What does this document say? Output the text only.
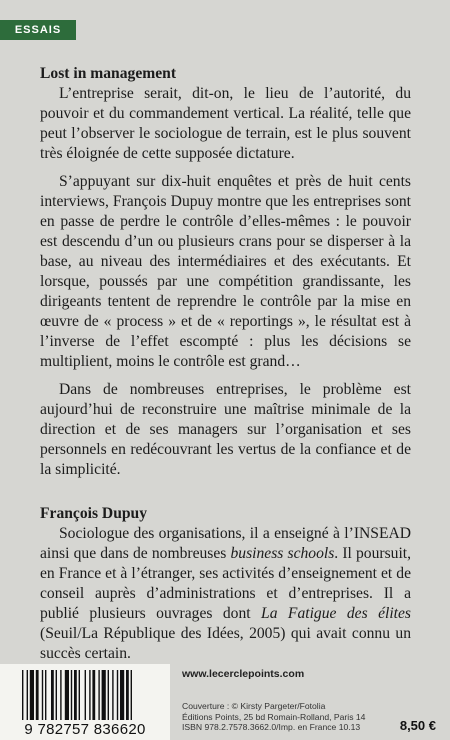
ESSAIS

Lost in management

L’entreprise serait, dit-on, le lieu de l’autorité, du pouvoir et du commandement vertical. La réalité, telle que peut l’observer le sociologue de terrain, est le plus souvent très éloignée de cette supposée dictature.

S’appuyant sur dix-huit enquêtes et près de huit cents interviews, François Dupuy montre que les entreprises sont en passe de perdre le contrôle d’elles-mêmes : le pouvoir est descendu d’un ou plusieurs crans pour se disperser à la base, au niveau des intermédiaires et des exécutants. Et lorsque, poussés par une compétition grandissante, les dirigeants tentent de reprendre le contrôle par la mise en œuvre de « process » et de « reportings », le résultat est à l’inverse de l’effet escompté : plus les décisions se multiplient, moins le contrôle est grand…

Dans de nombreuses entreprises, le problème est aujourd’hui de reconstruire une maîtrise minimale de la direction et de ses managers sur l’organisation et ses personnels en redécouvrant les vertus de la confiance et de la simplicité.

François Dupuy

Sociologue des organisations, il a enseigné à l’INSEAD ainsi que dans de nombreuses business schools. Il poursuit, en France et à l’étranger, ses activités d’enseignement et de conseil auprès d’administrations et d’entreprises. Il a publié plusieurs ouvrages dont La Fatigue des élites (Seuil/La République des Idées, 2005) qui avait connu un succès certain.

9 782757 836620
www.lecerclepoints.com
Couverture : © Kirsty Pargeter/Fotolia
Éditions Points, 25 bd Romain-Rolland, Paris 14
ISBN 978.2.7578.3662.0/Imp. en France 10.13	8,50 €
